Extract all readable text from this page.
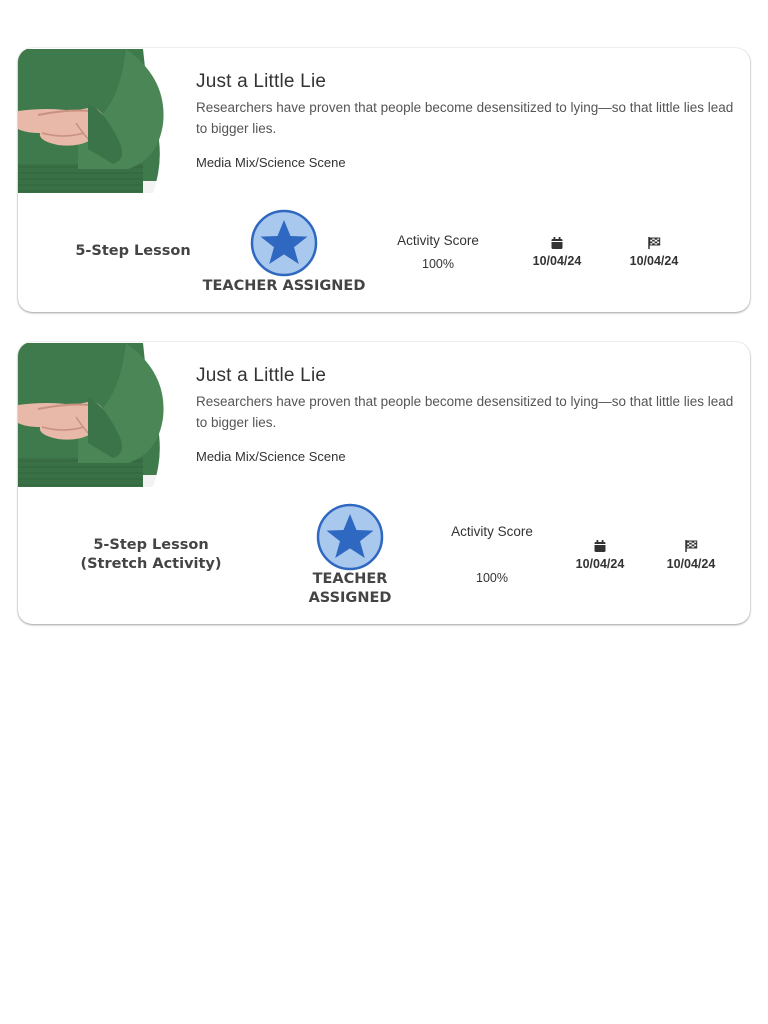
Just a Little Lie
Researchers have proven that people become desensitized to lying—so that little lies lead to bigger lies.
Media Mix/Science Scene
5-Step Lesson
TEACHER ASSIGNED
Activity Score
100%	10/04/24	10/04/24
Just a Little Lie
Researchers have proven that people become desensitized to lying—so that little lies lead to bigger lies.
Media Mix/Science Scene
5-Step Lesson (Stretch Activity)
TEACHER ASSIGNED
Activity Score
100%
10/04/24	10/04/24
